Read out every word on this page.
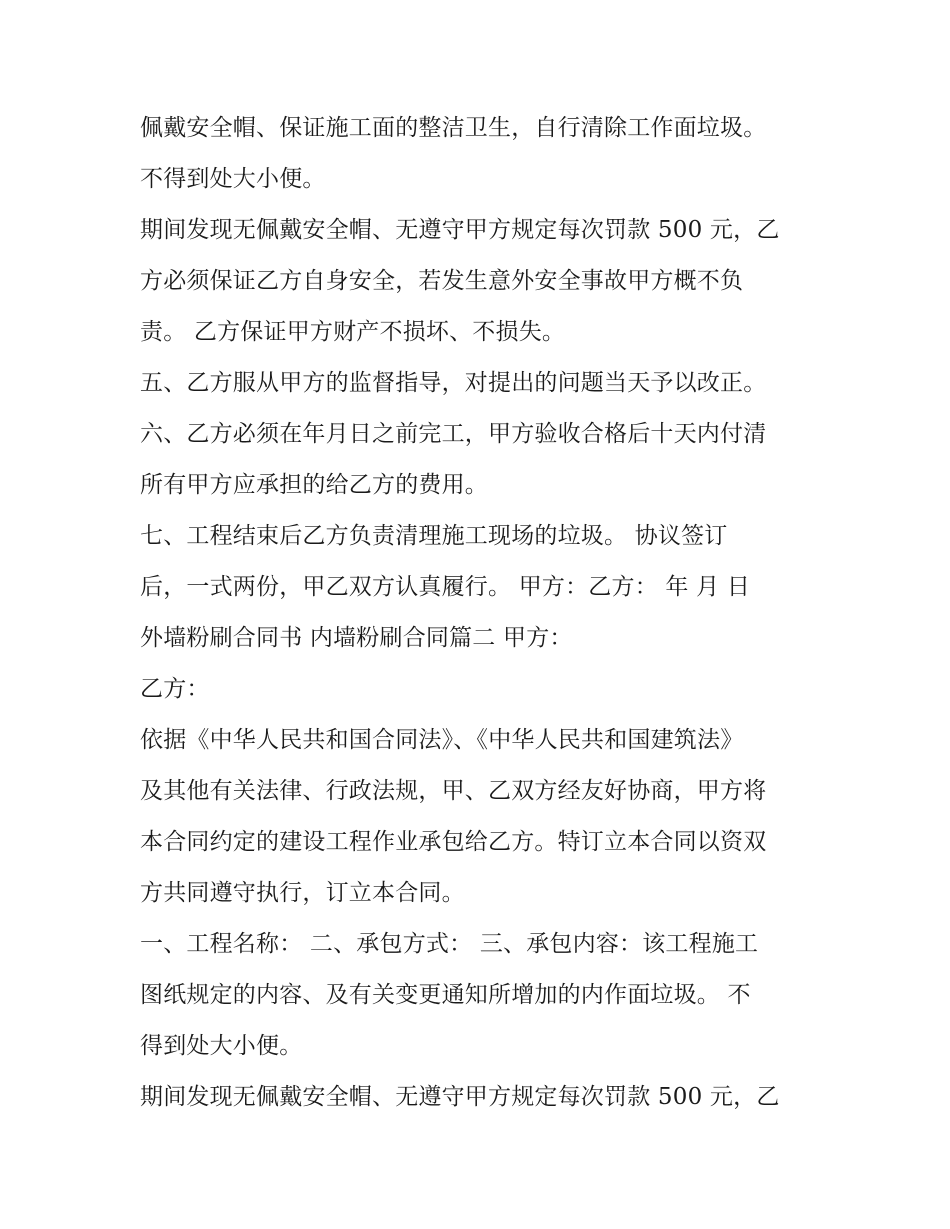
佩戴安全帽、保证施工面的整洁卫生，自行清除工作面垃圾。
不得到处大小便。
期间发现无佩戴安全帽、无遵守甲方规定每次罚款 500 元，乙
方必须保证乙方自身安全，若发生意外安全事故甲方概不负
责。 乙方保证甲方财产不损坏、不损失。
五、乙方服从甲方的监督指导，对提出的问题当天予以改正。
六、乙方必须在年月日之前完工，甲方验收合格后十天内付清
所有甲方应承担的给乙方的费用。
七、工程结束后乙方负责清理施工现场的垃圾。 协议签订
后，一式两份，甲乙双方认真履行。 甲方：乙方： 年 月 日
外墙粉刷合同书 内墙粉刷合同篇二 甲方：
乙方：
依据《中华人民共和国合同法》、《中华人民共和国建筑法》
及其他有关法律、行政法规，甲、乙双方经友好协商，甲方将
本合同约定的建设工程作业承包给乙方。特订立本合同以资双
方共同遵守执行，订立本合同。
一、工程名称： 二、承包方式： 三、承包内容：该工程施工
图纸规定的内容、及有关变更通知所增加的内作面垃圾。 不
得到处大小便。
期间发现无佩戴安全帽、无遵守甲方规定每次罚款 500 元，乙
